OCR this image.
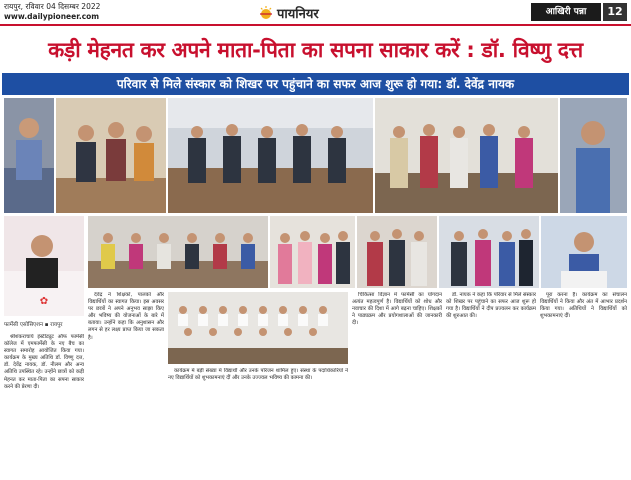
रायपुर, रविवार 04 दिसम्बर 2022
www.dailypioneer.com	पायनियर	आखिरी पन्ना	12
कड़ी मेहनत कर अपने माता-पिता का सपना साकार करें : डॉ. विष्णु दत्त
परिवार से मिले संस्कार को शिखर पर पहुंचाने का सफर आज शुरू हो गया: डॉ. देवेंद्र नायक
✿
फार्मेसी एसोसिएशन ▪ रायपुर

श्रीशंकराचार्य इंस्टीट्यूट ऑफ फार्मेसी कॉलेज में एमफार्मेसी के नए बैच का स्वागत समारोह आयोजित किया गया। कार्यक्रम के मुख्य अतिथि डॉ. विष्णु दत्त, डॉ. देवेंद्र नायक, डॉ. नीलम और अन्य अतिथि उपस्थित रहे। उन्होंने छात्रों को कड़ी मेहनत कर माता-पिता का सपना साकार करने की प्रेरणा दी।

देवेंद्र ने शिक्षकों, पालकों और विद्यार्थियों का स्वागत किया। इस अवसर पर छात्रों ने अपने अनुभव साझा किए और भविष्य की योजनाओं के बारे में बताया। उन्होंने कहा कि अनुशासन और लगन से हर लक्ष्य प्राप्त किया जा सकता है।

कार्यक्रम में बड़ी संख्या में विद्यार्थी और उनके परिजन शामिल हुए। संस्था के पदाधिकारियों ने नए विद्यार्थियों को शुभकामनाएं दीं और उनके उज्ज्वल भविष्य की कामना की।

चिकित्सा विज्ञान में फार्मेसी का योगदान अत्यंत महत्वपूर्ण है। विद्यार्थियों को शोध और नवाचार की दिशा में आगे बढ़ना चाहिए। शिक्षकों ने पाठ्यक्रम और प्रयोगशालाओं की जानकारी दी।

डॉ. नायक ने कहा कि परिवार से मिले संस्कार को शिखर पर पहुंचाने का सफर आज शुरू हो गया है। विद्यार्थियों ने दीप प्रज्वलन कर कार्यक्रम की शुरुआत की।

पूरा करना है। कार्यक्रम का संचालन विद्यार्थियों ने किया और अंत में आभार प्रदर्शन किया गया। अतिथियों ने विद्यार्थियों को शुभकामनाएं दीं।
